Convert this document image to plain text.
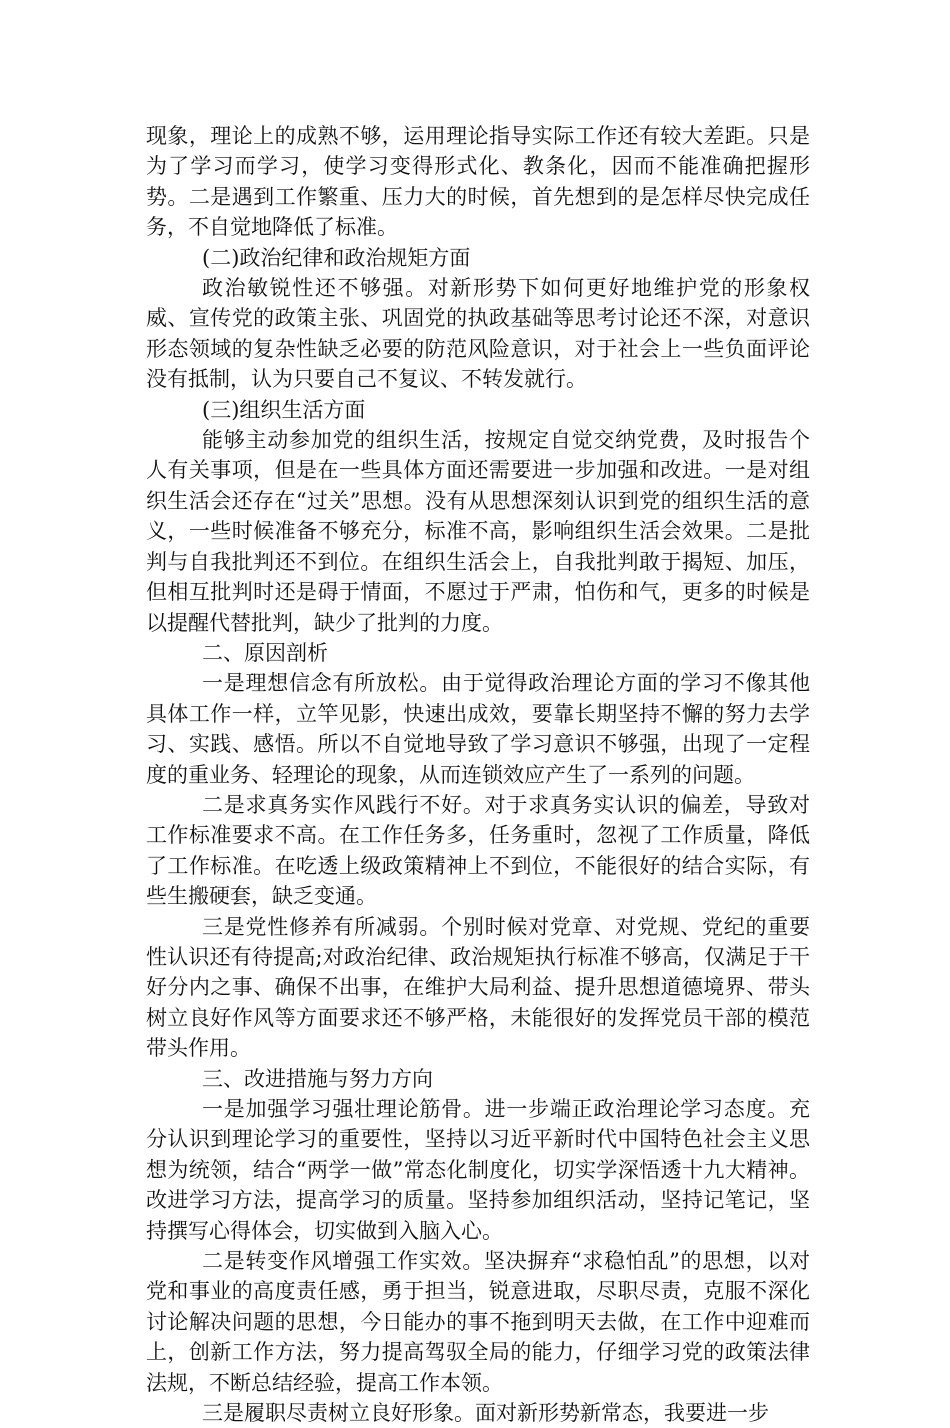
现象，理论上的成熟不够，运用理论指导实际工作还有较大差距。只是为了学习而学习，使学习变得形式化、教条化，因而不能准确把握形势。二是遇到工作繁重、压力大的时候，首先想到的是怎样尽快完成任务，不自觉地降低了标准。

(二)政治纪律和政治规矩方面

政治敏锐性还不够强。对新形势下如何更好地维护党的形象权威、宣传党的政策主张、巩固党的执政基础等思考讨论还不深，对意识形态领域的复杂性缺乏必要的防范风险意识，对于社会上一些负面评论没有抵制，认为只要自己不复议、不转发就行。

(三)组织生活方面

能够主动参加党的组织生活，按规定自觉交纳党费，及时报告个人有关事项，但是在一些具体方面还需要进一步加强和改进。一是对组织生活会还存在“过关”思想。没有从思想深刻认识到党的组织生活的意义，一些时候准备不够充分，标准不高，影响组织生活会效果。二是批判与自我批判还不到位。在组织生活会上，自我批判敢于揭短、加压，但相互批判时还是碍于情面，不愿过于严肃，怕伤和气，更多的时候是以提醒代替批判，缺少了批判的力度。

二、原因剖析

一是理想信念有所放松。由于觉得政治理论方面的学习不像其他具体工作一样，立竿见影，快速出成效，要靠长期坚持不懈的努力去学习、实践、感悟。所以不自觉地导致了学习意识不够强，出现了一定程度的重业务、轻理论的现象，从而连锁效应产生了一系列的问题。

二是求真务实作风践行不好。对于求真务实认识的偏差，导致对工作标准要求不高。在工作任务多，任务重时，忽视了工作质量，降低了工作标准。在吃透上级政策精神上不到位，不能很好的结合实际，有些生搬硬套，缺乏变通。

三是党性修养有所减弱。个别时候对党章、对党规、党纪的重要性认识还有待提高;对政治纪律、政治规矩执行标准不够高，仅满足于干好分内之事、确保不出事，在维护大局利益、提升思想道德境界、带头树立良好作风等方面要求还不够严格，未能很好的发挥党员干部的模范带头作用。

三、改进措施与努力方向

一是加强学习强壮理论筋骨。进一步端正政治理论学习态度。充分认识到理论学习的重要性，坚持以习近平新时代中国特色社会主义思想为统领，结合“两学一做”常态化制度化，切实学深悟透十九大精神。改进学习方法，提高学习的质量。坚持参加组织活动，坚持记笔记，坚持撰写心得体会，切实做到入脑入心。

二是转变作风增强工作实效。坚决摒弃“求稳怕乱”的思想，以对党和事业的高度责任感，勇于担当，锐意进取，尽职尽责，克服不深化讨论解决问题的思想，今日能办的事不拖到明天去做，在工作中迎难而上，创新工作方法，努力提高驾驭全局的能力，仔细学习党的政策法律法规，不断总结经验，提高工作本领。

三是履职尽责树立良好形象。面对新形势新常态，我要进一步
